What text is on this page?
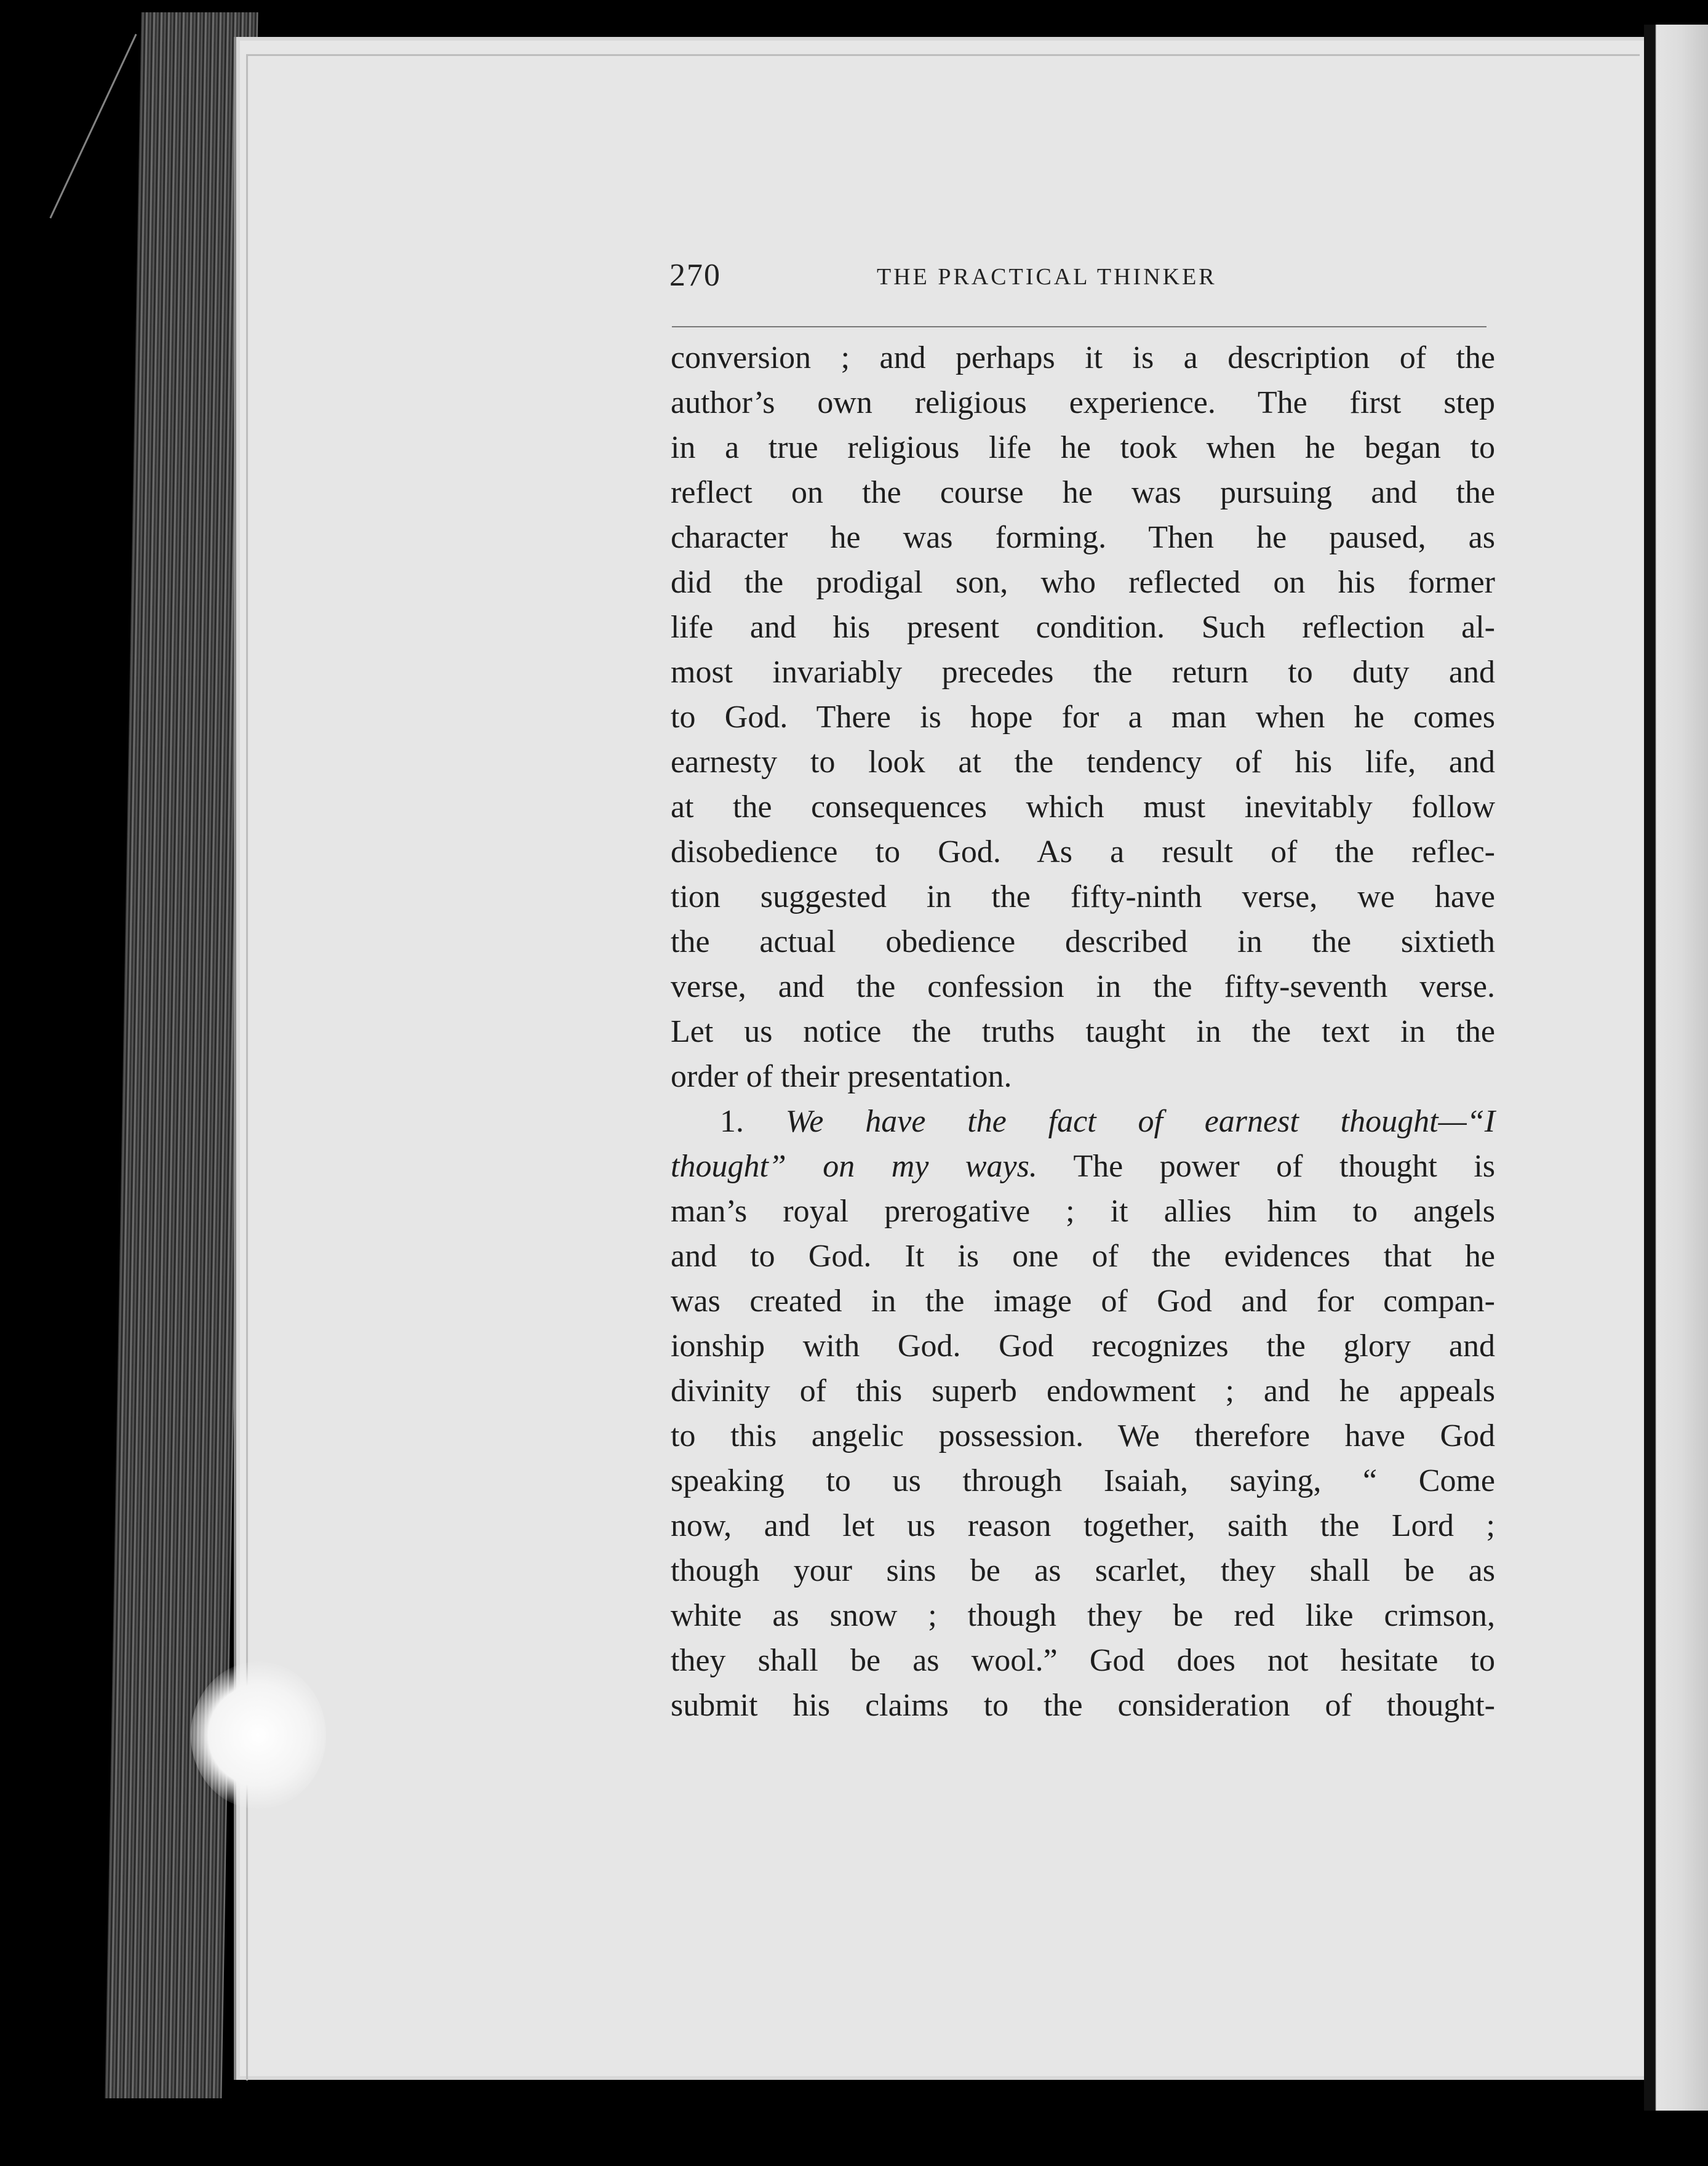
270	THE PRACTICAL THINKER
conversion ; and perhaps it is a description of the
author’s own religious experience. The first step
in a true religious life he took when he began to
reflect on the course he was pursuing and the
character he was forming. Then he paused, as
did the prodigal son, who reflected on his former
life and his present condition. Such reflection al-
most invariably precedes the return to duty and
to God. There is hope for a man when he comes
earnesty to look at the tendency of his life, and
at the consequences which must inevitably follow
disobedience to God. As a result of the reflec-
tion suggested in the fifty-ninth verse, we have
the actual obedience described in the sixtieth
verse, and the confession in the fifty-seventh verse.
Let us notice the truths taught in the text in the
order of their presentation.
1. We have the fact of earnest thought—“I
thought” on my ways. The power of thought is
man’s royal prerogative ; it allies him to angels
and to God. It is one of the evidences that he
was created in the image of God and for compan-
ionship with God. God recognizes the glory and
divinity of this superb endowment ; and he appeals
to this angelic possession. We therefore have God
speaking to us through Isaiah, saying, “ Come
now, and let us reason together, saith the Lord ;
though your sins be as scarlet, they shall be as
white as snow ; though they be red like crimson,
they shall be as wool.” God does not hesitate to
submit his claims to the consideration of thought-
